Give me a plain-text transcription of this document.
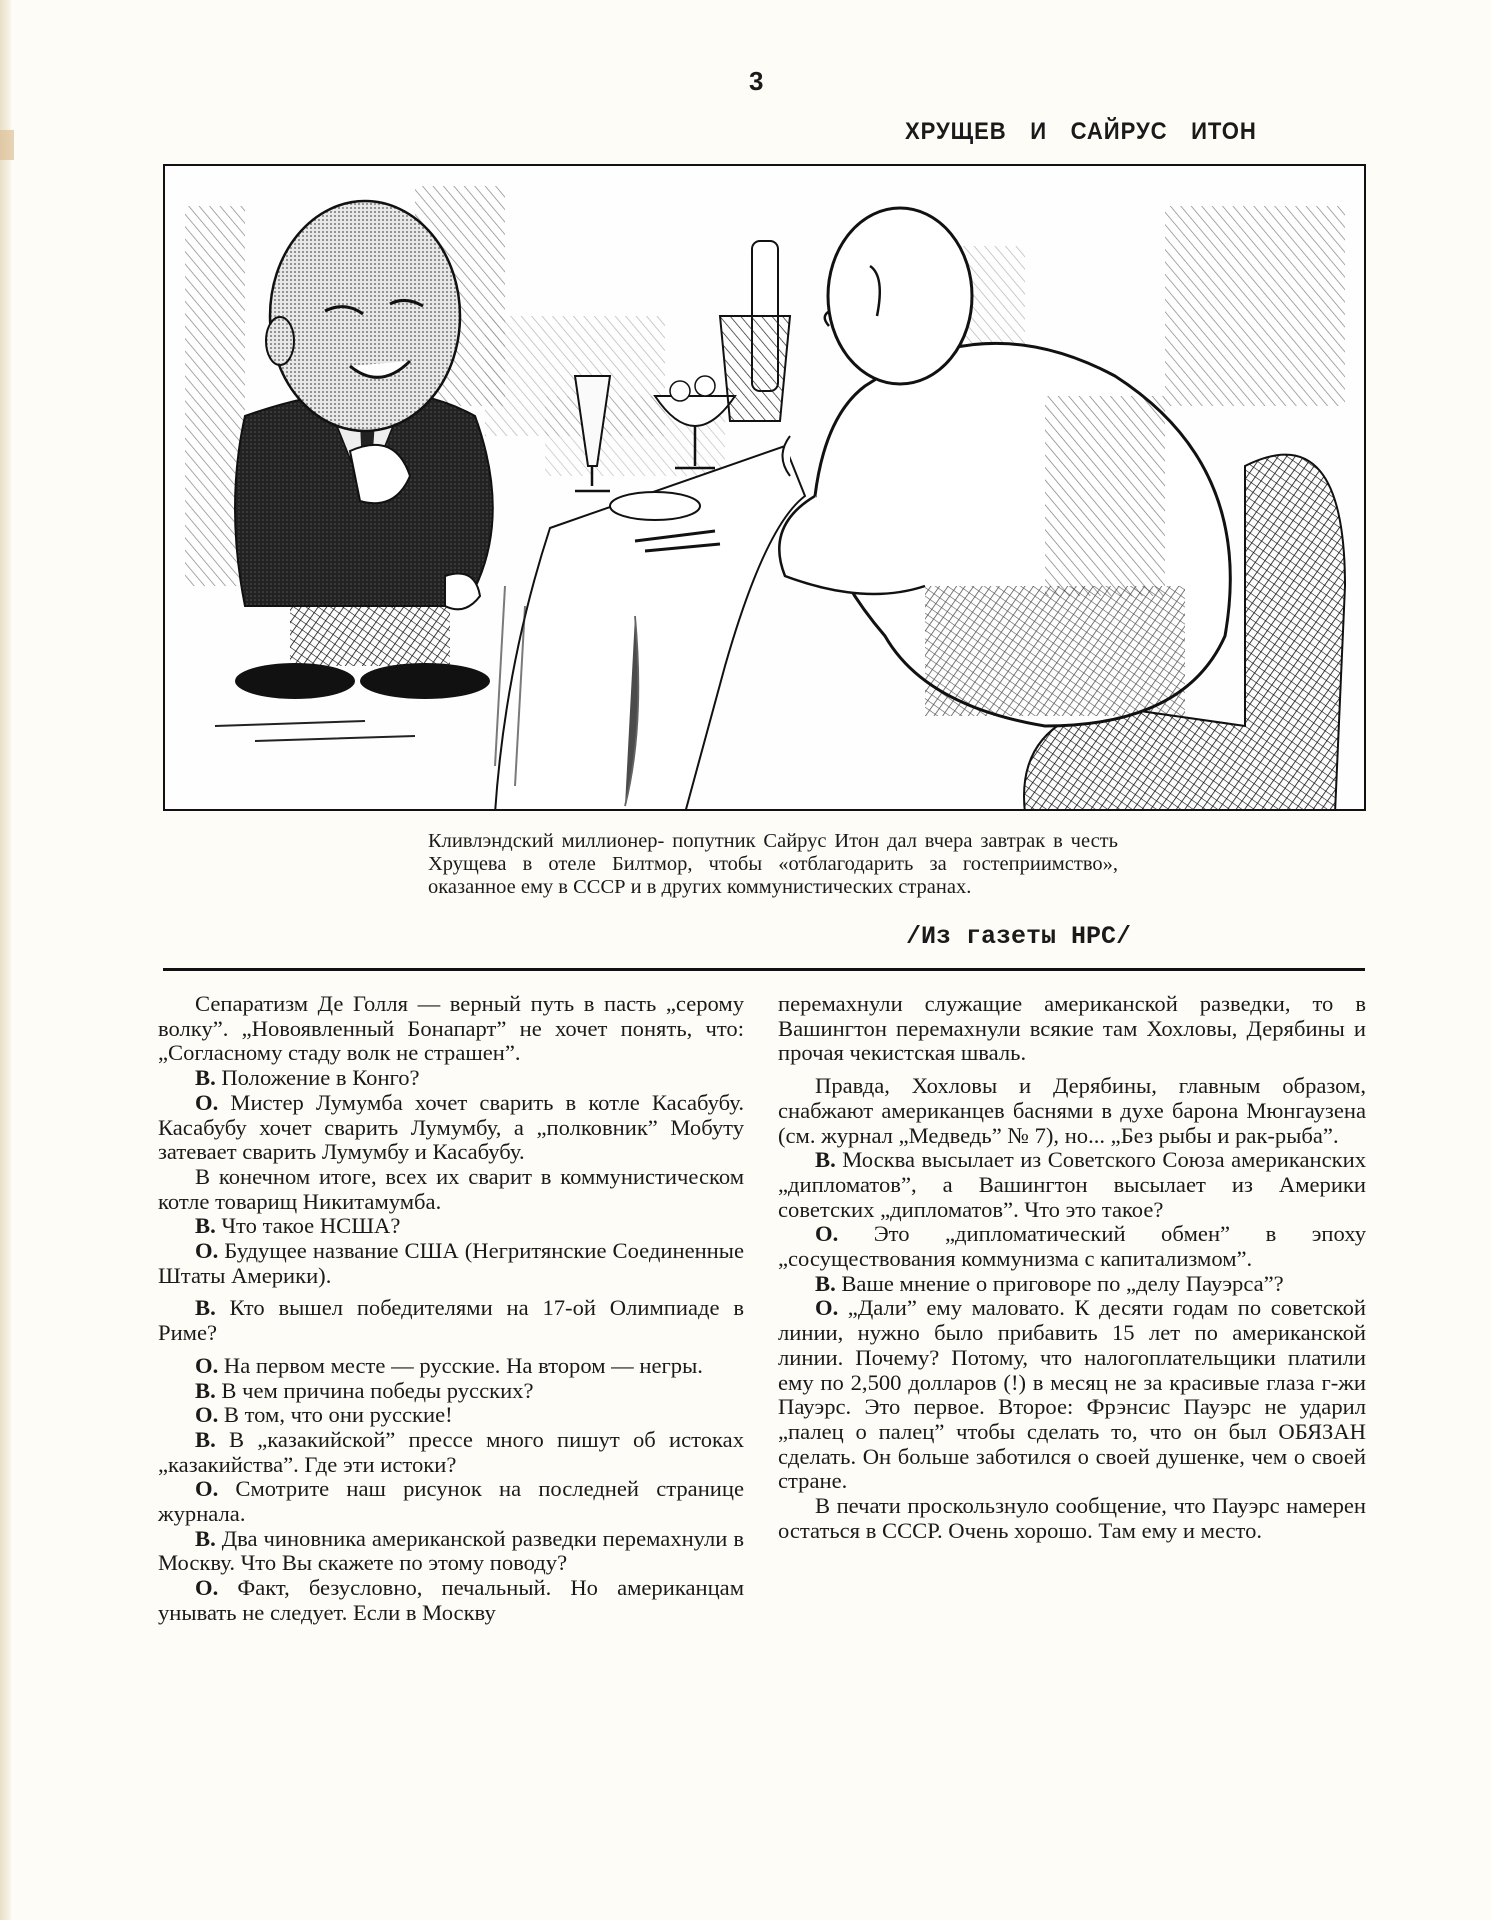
3
ХРУЩЕВ И САЙРУС ИТОН
Кливлэндский миллионер- попутник Сайрус Итон дал вчера завтрак в честь Хрущева в отеле Билтмор, чтобы «отблагодарить за гостеприимство», оказанное ему в СССР и в других коммунистических странах.
/Из газеты НРС/

Сепаратизм Де Голля — верный путь в пасть „серому волку”. „Новоявленный Бонапарт” не хочет понять, что: „Согласному стаду волк не страшен”.

В. Положение в Конго?

О. Мистер Лумумба хочет сварить в котле Касабубу. Касабубу хочет сварить Лумумбу, а „полковник” Мобуту затевает сварить Лумумбу и Касабубу.

В конечном итоге, всех их сварит в коммунистическом котле товарищ Никитамумба.

В. Что такое НСША?

О. Будущее название США (Негритянские Соединенные Штаты Америки).

В. Кто вышел победителями на 17-ой Олимпиаде в Риме?

О. На первом месте — русские. На втором — негры.

В. В чем причина победы русских?

О. В том, что они русские!

В. В „казакийской” прессе много пишут об истоках „казакийства”. Где эти истоки?

О. Смотрите наш рисунок на последней странице журнала.

В. Два чиновника американской разведки перемахнули в Москву. Что Вы скажете по этому поводу?

О. Факт, безусловно, печальный. Но американцам унывать не следует. Если в Москву

перемахнули служащие американской разведки, то в Вашингтон перемахнули всякие там Хохловы, Дерябины и прочая чекистская шваль.

Правда, Хохловы и Дерябины, главным образом, снабжают американцев баснями в духе барона Мюнгаузена (см. журнал „Медведь” № 7), но... „Без рыбы и рак-рыба”.

В. Москва высылает из Советского Союза американских „дипломатов”, а Вашингтон высылает из Америки советских „дипломатов”. Что это такое?

О. Это „дипломатический обмен” в эпоху „сосуществования коммунизма с капитализмом”.

В. Ваше мнение о приговоре по „делу Пауэрса”?

О. „Дали” ему маловато. К десяти годам по советской линии, нужно было прибавить 15 лет по американской линии. Почему? Потому, что налогоплательщики платили ему по 2,500 долларов (!) в месяц не за красивые глаза г-жи Пауэрс. Это первое. Второе: Фрэнсис Пауэрс не ударил „палец о палец” чтобы сделать то, что он был ОБЯЗАН сделать. Он больше заботился о своей душенке, чем о своей стране.

В печати проскользнуло сообщение, что Пауэрс намерен остаться в СССР. Очень хорошо. Там ему и место.
